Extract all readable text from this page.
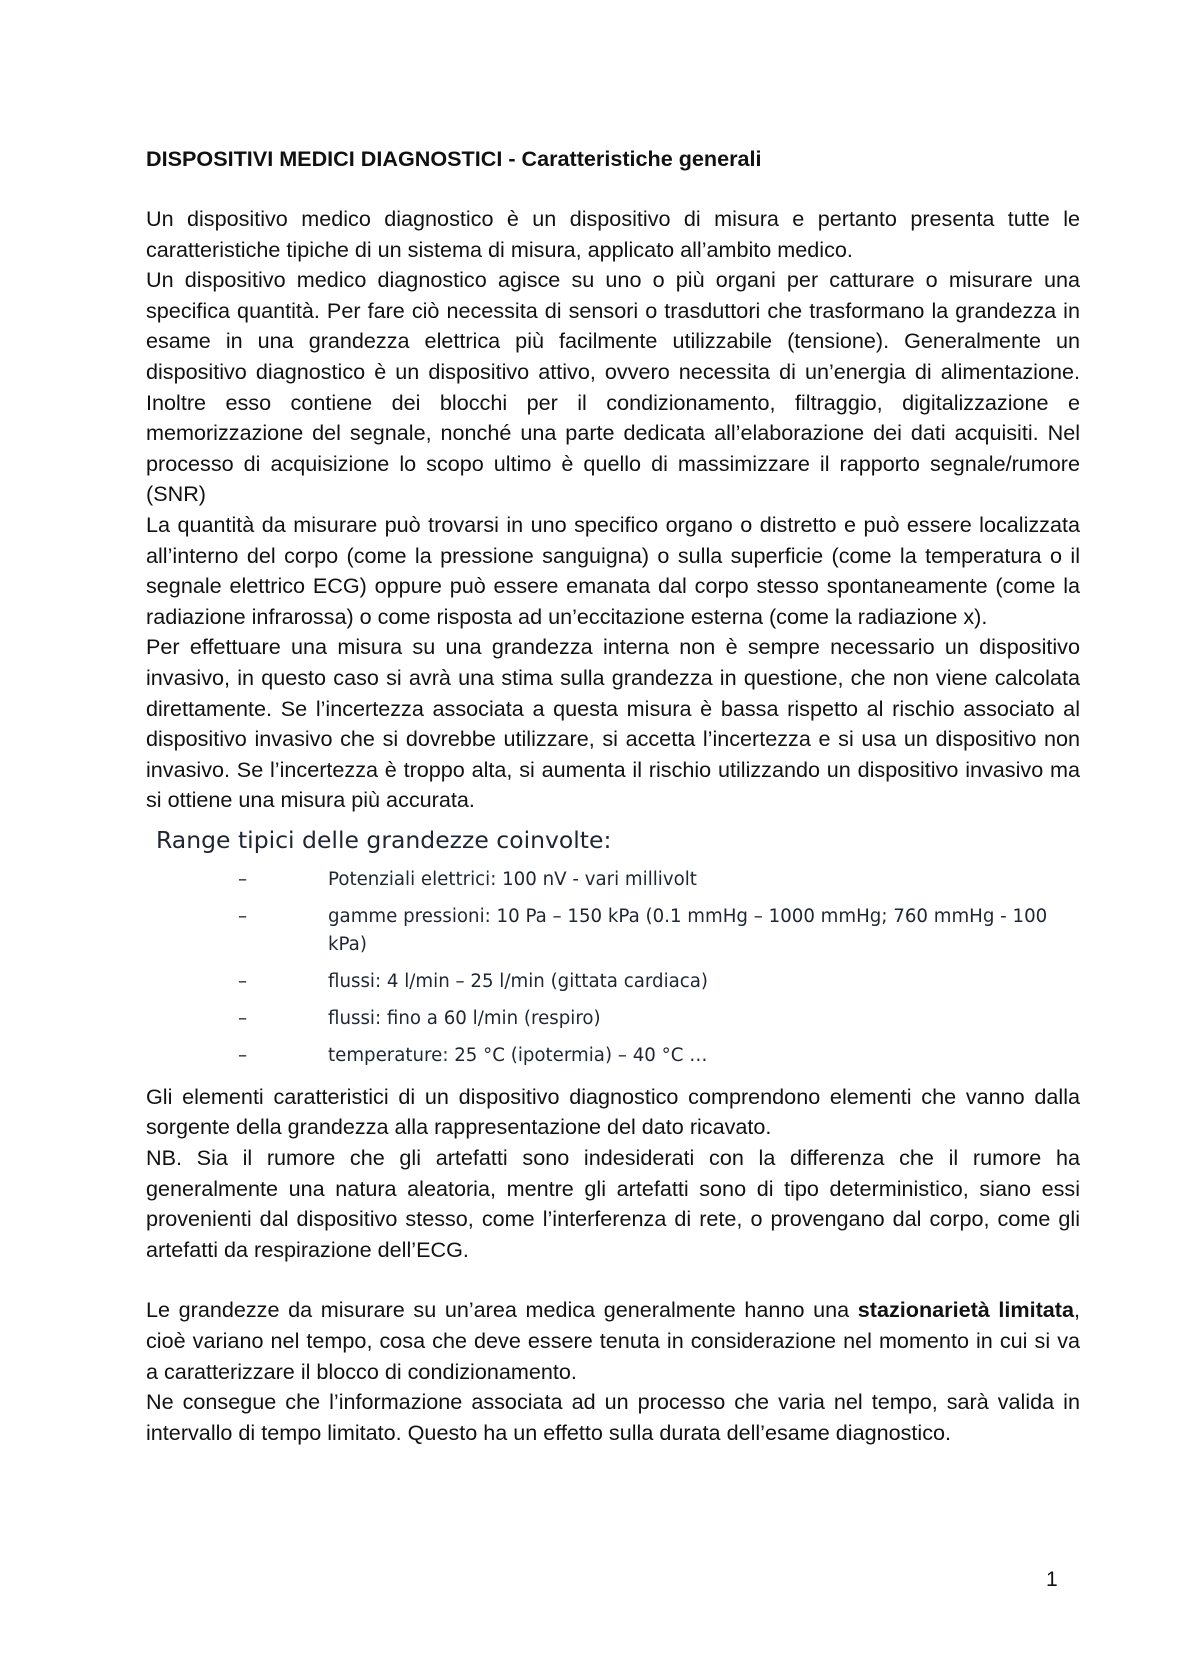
DISPOSITIVI MEDICI DIAGNOSTICI - Caratteristiche generali

Un dispositivo medico diagnostico è un dispositivo di misura e pertanto presenta tutte le caratteristiche tipiche di un sistema di misura, applicato all’ambito medico.

Un dispositivo medico diagnostico agisce su uno o più organi per catturare o misurare una specifica quantità. Per fare ciò necessita di sensori o trasduttori che trasformano la grandezza in esame in una grandezza elettrica più facilmente utilizzabile (tensione). Generalmente un dispositivo diagnostico è un dispositivo attivo, ovvero necessita di un’energia di alimentazione. Inoltre esso contiene dei blocchi per il condizionamento, filtraggio, digitalizzazione e memorizzazione del segnale, nonché una parte dedicata all’elaborazione dei dati acquisiti. Nel processo di acquisizione lo scopo ultimo è quello di massimizzare il rapporto segnale/rumore (SNR)

La quantità da misurare può trovarsi in uno specifico organo o distretto e può essere localizzata all’interno del corpo (come la pressione sanguigna) o sulla superficie (come la temperatura o il segnale elettrico ECG) oppure può essere emanata dal corpo stesso spontaneamente (come la radiazione infrarossa) o come risposta ad un’eccitazione esterna (come la radiazione x).

Per effettuare una misura su una grandezza interna non è sempre necessario un dispositivo invasivo, in questo caso si avrà una stima sulla grandezza in questione, che non viene calcolata direttamente. Se l’incertezza associata a questa misura è bassa rispetto al rischio associato al dispositivo invasivo che si dovrebbe utilizzare, si accetta l’incertezza e si usa un dispositivo non invasivo. Se l’incertezza è troppo alta, si aumenta il rischio utilizzando un dispositivo invasivo ma si ottiene una misura più accurata.

Range tipici delle grandezze coinvolte:
–	Potenziali elettrici: 100 nV - vari millivolt
–	gamme pressioni: 10 Pa – 150 kPa (0.1 mmHg – 1000 mmHg; 760 mmHg - 100 kPa)
–	flussi: 4 l/min – 25 l/min (gittata cardiaca)
–	flussi: fino a 60 l/min (respiro)
–	temperature: 25 °C (ipotermia) – 40 °C …

Gli elementi caratteristici di un dispositivo diagnostico comprendono elementi che vanno dalla sorgente della grandezza alla rappresentazione del dato ricavato.

NB. Sia il rumore che gli artefatti sono indesiderati con la differenza che il rumore ha generalmente una natura aleatoria, mentre gli artefatti sono di tipo deterministico, siano essi provenienti dal dispositivo stesso, come l’interferenza di rete, o provengano dal corpo, come gli artefatti da respirazione dell’ECG.

Le grandezze da misurare su un’area medica generalmente hanno una stazionarietà limitata, cioè variano nel tempo, cosa che deve essere tenuta in considerazione nel momento in cui si va a caratterizzare il blocco di condizionamento.

Ne consegue che l’informazione associata ad un processo che varia nel tempo, sarà valida in intervallo di tempo limitato. Questo ha un effetto sulla durata dell’esame diagnostico.

1
